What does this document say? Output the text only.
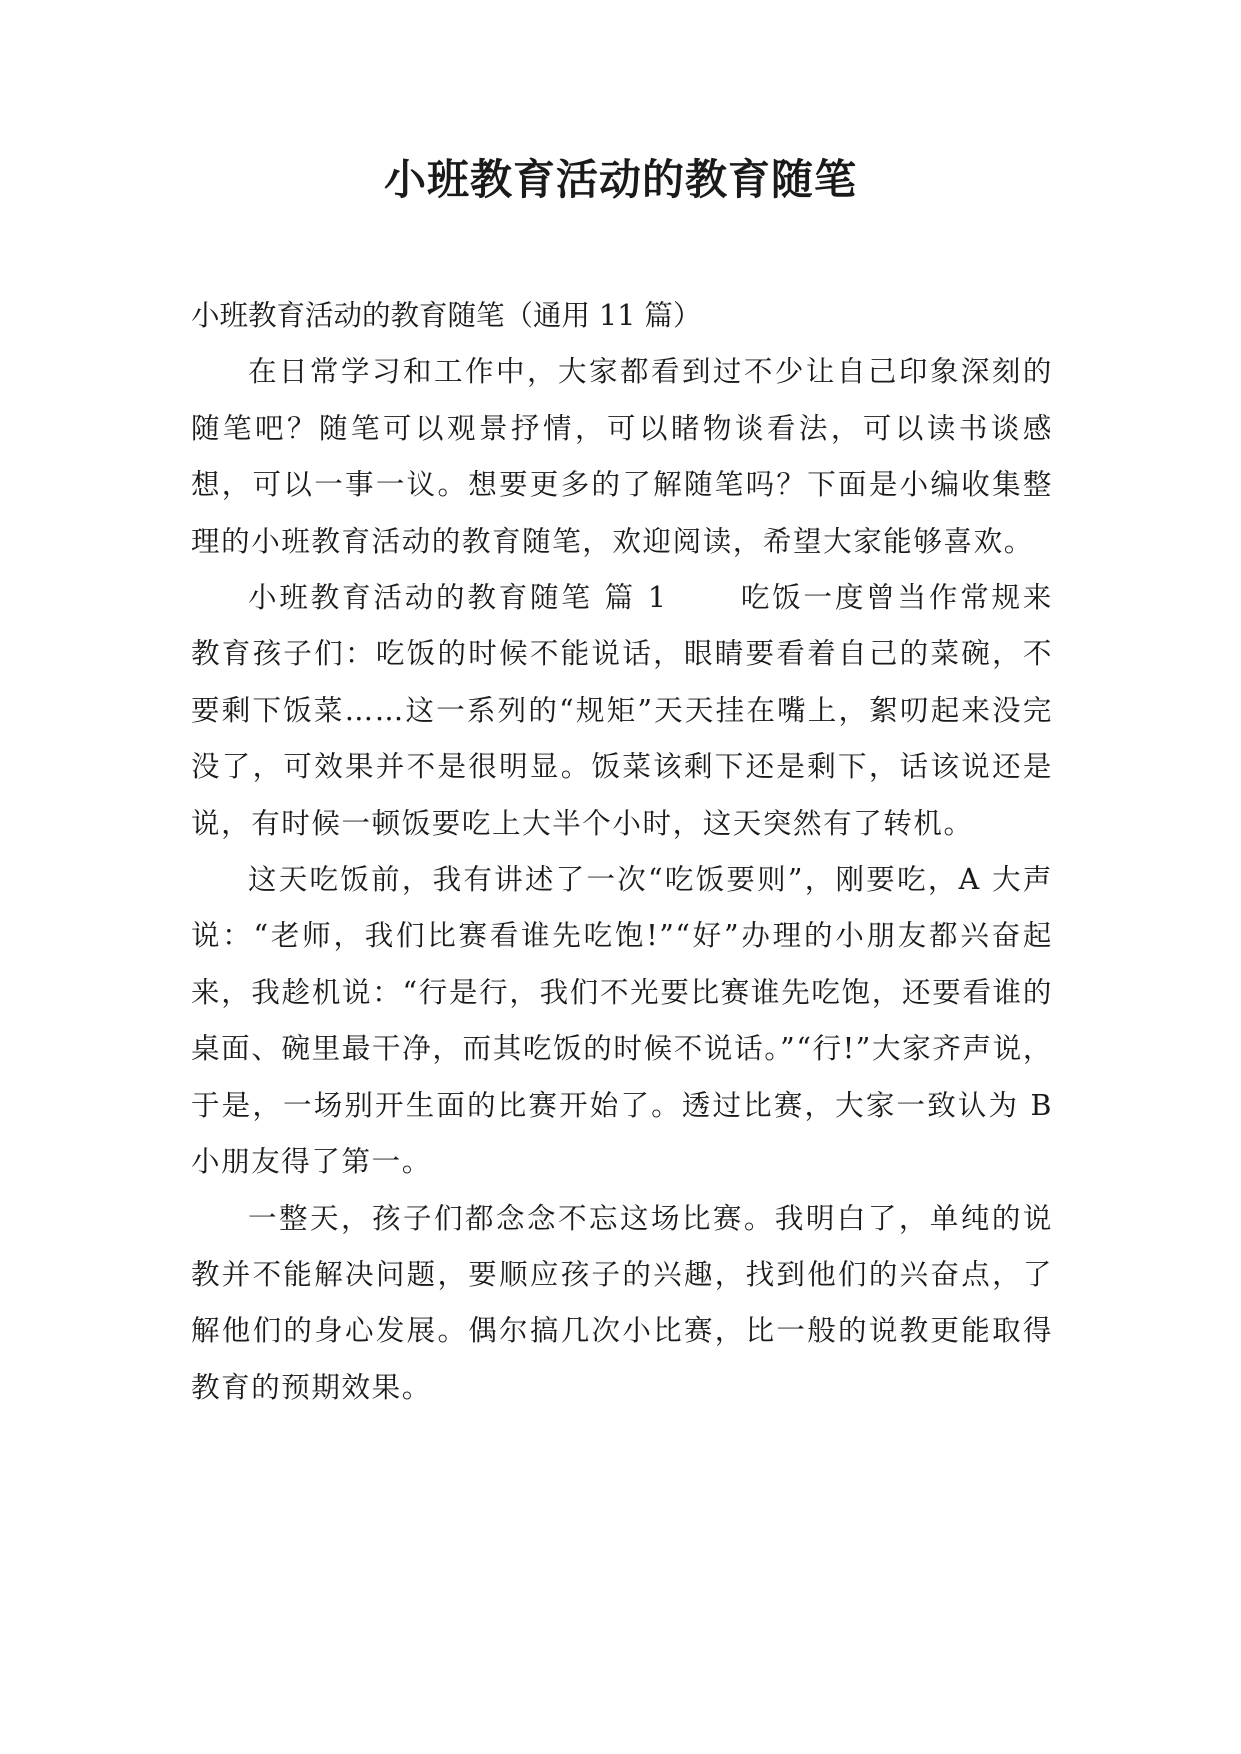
小班教育活动的教育随笔

小班教育活动的教育随笔（通用 11 篇）

在日常学习和工作中，大家都看到过不少让自己印象深刻的随笔吧？随笔可以观景抒情，可以睹物谈看法，可以读书谈感想，可以一事一议。想要更多的了解随笔吗？下面是小编收集整理的小班教育活动的教育随笔，欢迎阅读，希望大家能够喜欢。

小班教育活动的教育随笔 篇 1	吃饭一度曾当作常规来教育孩子们：吃饭的时候不能说话，眼睛要看着自己的菜碗，不要剩下饭菜……这一系列的“规矩”天天挂在嘴上，絮叨起来没完没了，可效果并不是很明显。饭菜该剩下还是剩下，话该说还是说，有时候一顿饭要吃上大半个小时，这天突然有了转机。

这天吃饭前，我有讲述了一次“吃饭要则”，刚要吃，A 大声说：“老师，我们比赛看谁先吃饱!”“好”办理的小朋友都兴奋起来，我趁机说：“行是行，我们不光要比赛谁先吃饱，还要看谁的桌面、碗里最干净，而其吃饭的时候不说话。”“行!”大家齐声说，于是，一场别开生面的比赛开始了。透过比赛，大家一致认为 B 小朋友得了第一。

一整天，孩子们都念念不忘这场比赛。我明白了，单纯的说教并不能解决问题，要顺应孩子的兴趣，找到他们的兴奋点，了解他们的身心发展。偶尔搞几次小比赛，比一般的说教更能取得教育的预期效果。
